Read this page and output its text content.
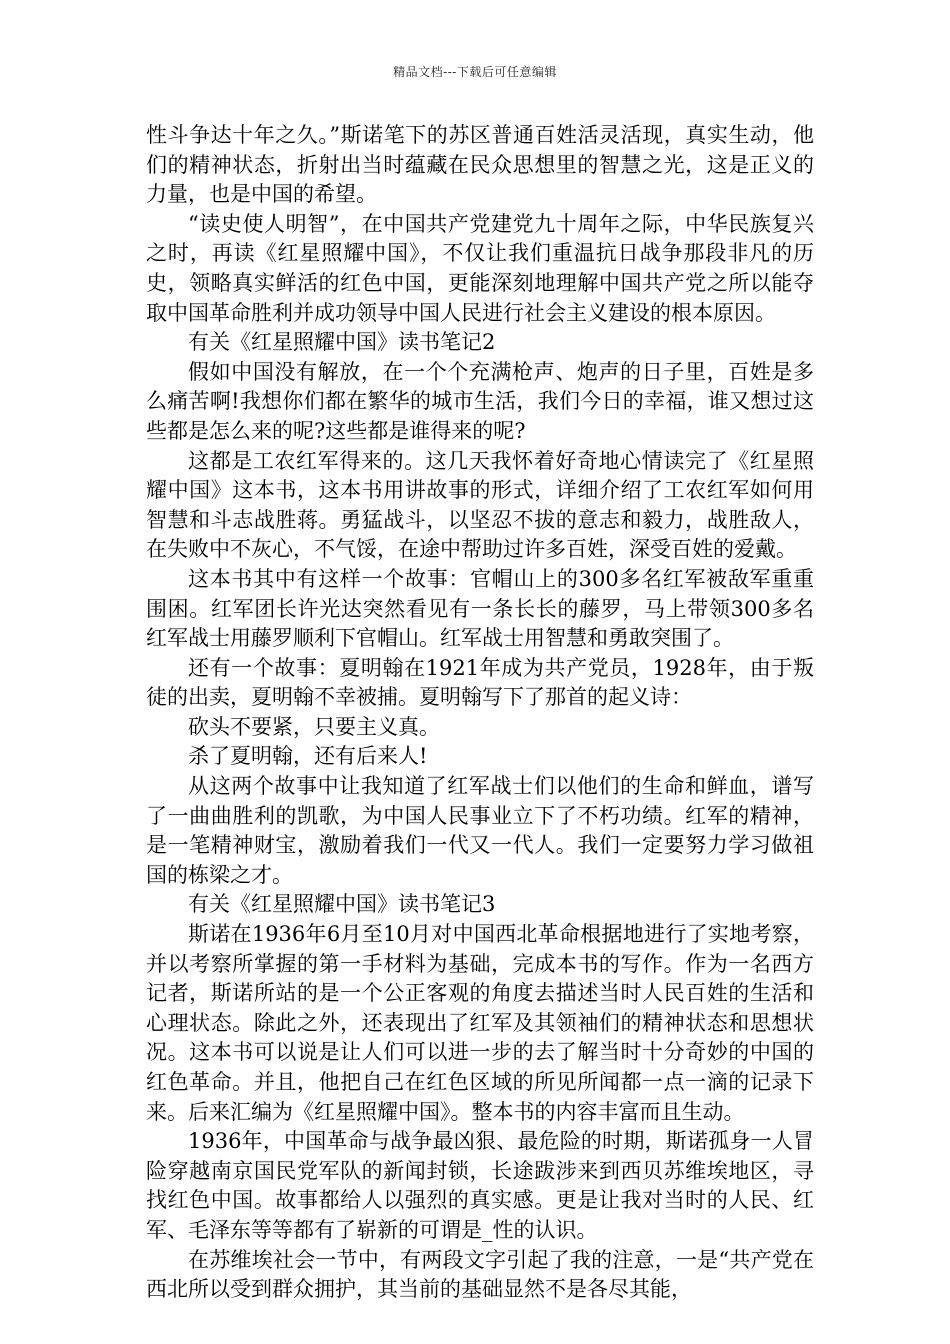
精品文档---下载后可任意编辑

性斗争达十年之久。”斯诺笔下的苏区普通百姓活灵活现，真实生动，他们的精神状态，折射出当时蕴藏在民众思想里的智慧之光，这是正义的力量，也是中国的希望。

“读史使人明智”，在中国共产党建党九十周年之际，中华民族复兴之时，再读《红星照耀中国》，不仅让我们重温抗日战争那段非凡的历史，领略真实鲜活的红色中国，更能深刻地理解中国共产党之所以能夺取中国革命胜利并成功领导中国人民进行社会主义建设的根本原因。

有关《红星照耀中国》读书笔记2

假如中国没有解放，在一个个充满枪声、炮声的日子里，百姓是多么痛苦啊!我想你们都在繁华的城市生活，我们今日的幸福，谁又想过这些都是怎么来的呢?这些都是谁得来的呢?

这都是工农红军得来的。这几天我怀着好奇地心情读完了《红星照耀中国》这本书，这本书用讲故事的形式，详细介绍了工农红军如何用智慧和斗志战胜蒋。勇猛战斗，以坚忍不拔的意志和毅力，战胜敌人，在失败中不灰心，不气馁，在途中帮助过许多百姓，深受百姓的爱戴。

这本书其中有这样一个故事：官帽山上的300多名红军被敌军重重围困。红军团长许光达突然看见有一条长长的藤罗，马上带领300多名红军战士用藤罗顺利下官帽山。红军战士用智慧和勇敢突围了。

还有一个故事：夏明翰在1921年成为共产党员，1928年，由于叛徒的出卖，夏明翰不幸被捕。夏明翰写下了那首的起义诗：

砍头不要紧，只要主义真。

杀了夏明翰，还有后来人!

从这两个故事中让我知道了红军战士们以他们的生命和鲜血，谱写了一曲曲胜利的凯歌，为中国人民事业立下了不朽功绩。红军的精神，是一笔精神财宝，激励着我们一代又一代人。我们一定要努力学习做祖国的栋梁之才。

有关《红星照耀中国》读书笔记3

斯诺在1936年6月至10月对中国西北革命根据地进行了实地考察，并以考察所掌握的第一手材料为基础，完成本书的写作。作为一名西方记者，斯诺所站的是一个公正客观的角度去描述当时人民百姓的生活和心理状态。除此之外，还表现出了红军及其领袖们的精神状态和思想状况。这本书可以说是让人们可以进一步的去了解当时十分奇妙的中国的红色革命。并且，他把自己在红色区域的所见所闻都一点一滴的记录下来。后来汇编为《红星照耀中国》。整本书的内容丰富而且生动。

1936年，中国革命与战争最凶狠、最危险的时期，斯诺孤身一人冒险穿越南京国民党军队的新闻封锁，长途跋涉来到西贝苏维埃地区，寻找红色中国。故事都给人以强烈的真实感。更是让我对当时的人民、红军、毛泽东等等都有了崭新的可谓是_性的认识。

在苏维埃社会一节中，有两段文字引起了我的注意，一是“共产党在西北所以受到群众拥护，其当前的基础显然不是各尽其能，
